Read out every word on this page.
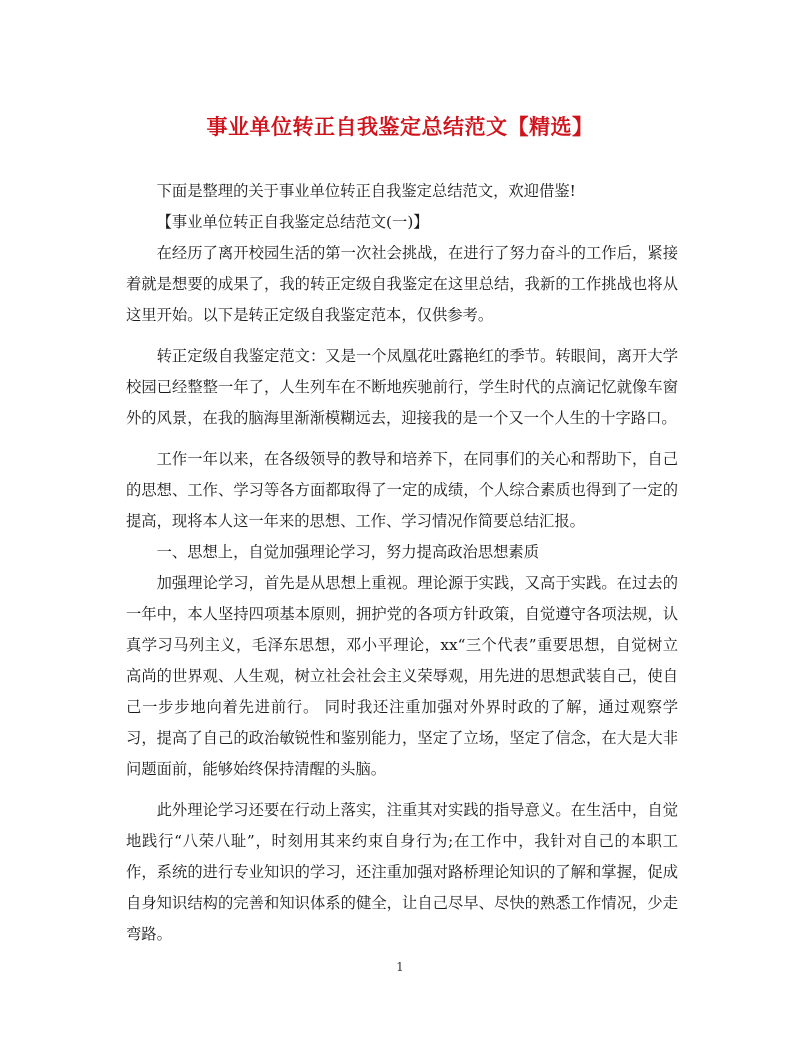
事业单位转正自我鉴定总结范文【精选】

下面是整理的关于事业单位转正自我鉴定总结范文，欢迎借鉴!

【事业单位转正自我鉴定总结范文(一)】

在经历了离开校园生活的第一次社会挑战，在进行了努力奋斗的工作后，紧接着就是想要的成果了，我的转正定级自我鉴定在这里总结，我新的工作挑战也将从这里开始。以下是转正定级自我鉴定范本，仅供参考。

转正定级自我鉴定范文：又是一个凤凰花吐露艳红的季节。转眼间，离开大学校园已经整整一年了，人生列车在不断地疾驰前行，学生时代的点滴记忆就像车窗外的风景，在我的脑海里渐渐模糊远去，迎接我的是一个又一个人生的十字路口。

工作一年以来，在各级领导的教导和培养下，在同事们的关心和帮助下，自己的思想、工作、学习等各方面都取得了一定的成绩，个人综合素质也得到了一定的提高，现将本人这一年来的思想、工作、学习情况作简要总结汇报。

一、思想上，自觉加强理论学习，努力提高政治思想素质

加强理论学习，首先是从思想上重视。理论源于实践，又高于实践。在过去的一年中，本人坚持四项基本原则，拥护党的各项方针政策，自觉遵守各项法规，认真学习马列主义，毛泽东思想，邓小平理论，xx“三个代表”重要思想，自觉树立高尚的世界观、人生观，树立社会社会主义荣辱观，用先进的思想武装自己，使自己一步步地向着先进前行。 同时我还注重加强对外界时政的了解，通过观察学习，提高了自己的政治敏锐性和鉴别能力，坚定了立场，坚定了信念，在大是大非问题面前，能够始终保持清醒的头脑。

此外理论学习还要在行动上落实，注重其对实践的指导意义。在生活中，自觉地践行“八荣八耻”，时刻用其来约束自身行为;在工作中，我针对自己的本职工作，系统的进行专业知识的学习，还注重加强对路桥理论知识的了解和掌握，促成自身知识结构的完善和知识体系的健全，让自己尽早、尽快的熟悉工作情况，少走弯路。

1
